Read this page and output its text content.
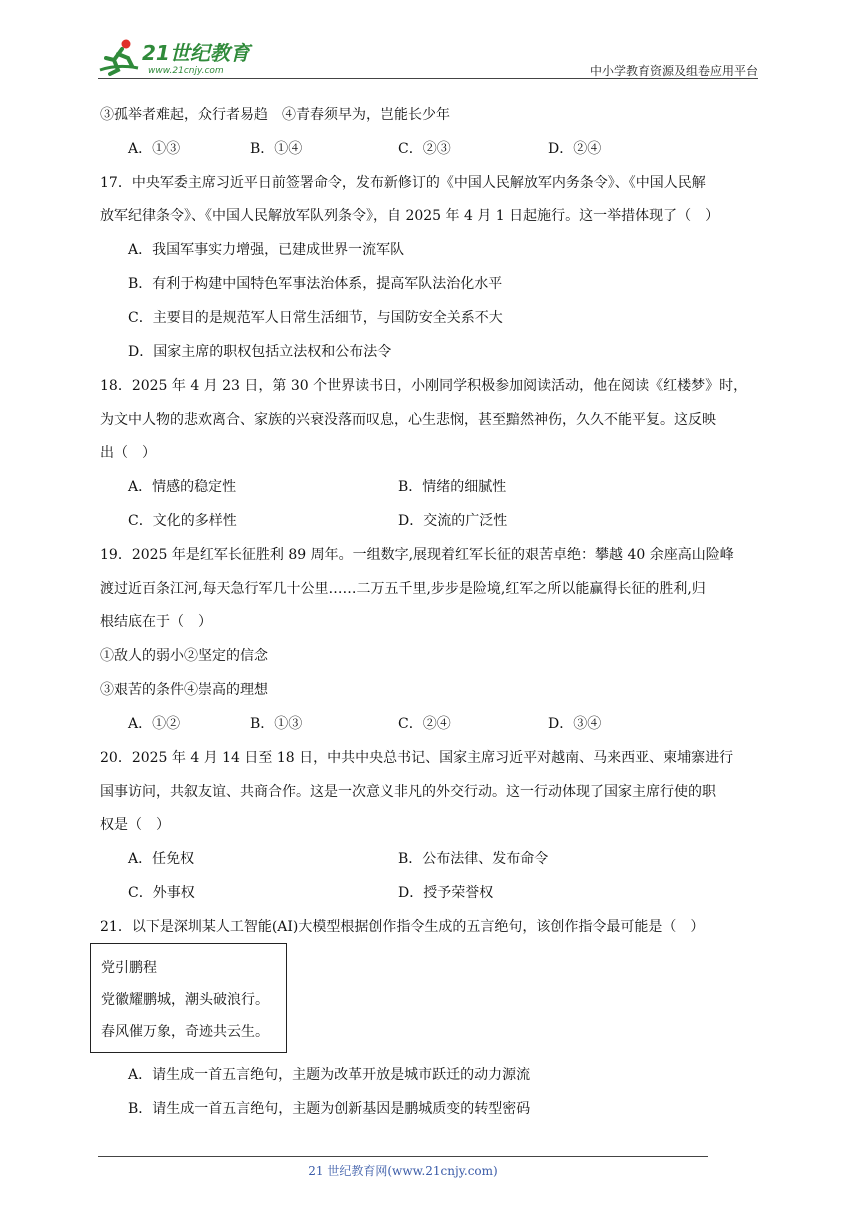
21世纪教育
www.21cnjy.com	中小学教育资源及组卷应用平台
③孤举者难起，众行者易趋　④青春须早为，岂能长少年
A．①③	B．①④	C．②③	D．②④
17．中央军委主席习近平日前签署命令，发布新修订的《中国人民解放军内务条令》、《中国人民解
放军纪律条令》、《中国人民解放军队列条令》，自 2025 年 4 月 1 日起施行。这一举措体现了（　）
A．我国军事实力增强，已建成世界一流军队
B．有利于构建中国特色军事法治体系，提高军队法治化水平
C．主要目的是规范军人日常生活细节，与国防安全关系不大
D．国家主席的职权包括立法权和公布法令
18．2025 年 4 月 23 日，第 30 个世界读书日，小刚同学积极参加阅读活动，他在阅读《红楼梦》时，
为文中人物的悲欢离合、家族的兴衰没落而叹息，心生悲悯，甚至黯然神伤，久久不能平复。这反映
出（　）
A．情感的稳定性	B．情绪的细腻性
C．文化的多样性	D．交流的广泛性
19．2025 年是红军长征胜利 89 周年。一组数字,展现着红军长征的艰苦卓绝：攀越 40 余座高山险峰
渡过近百条江河,每天急行军几十公里……二万五千里,步步是险境,红军之所以能赢得长征的胜利,归
根结底在于（　）
①敌人的弱小②坚定的信念
③艰苦的条件④崇高的理想
A．①②	B．①③	C．②④	D．③④
20．2025 年 4 月 14 日至 18 日，中共中央总书记、国家主席习近平对越南、马来西亚、柬埔寨进行
国事访问，共叙友谊、共商合作。这是一次意义非凡的外交行动。这一行动体现了国家主席行使的职
权是（　）
A．任免权	B．公布法律、发布命令
C．外事权	D．授予荣誉权
21．以下是深圳某人工智能(AI)大模型根据创作指令生成的五言绝句，该创作指令最可能是（　）
党引鹏程
党徽耀鹏城，潮头破浪行。
春风催万象，奇迹共云生。
A．请生成一首五言绝句，主题为改革开放是城市跃迁的动力源流
B．请生成一首五言绝句，主题为创新基因是鹏城质变的转型密码
21 世纪教育网(www.21cnjy.com)
